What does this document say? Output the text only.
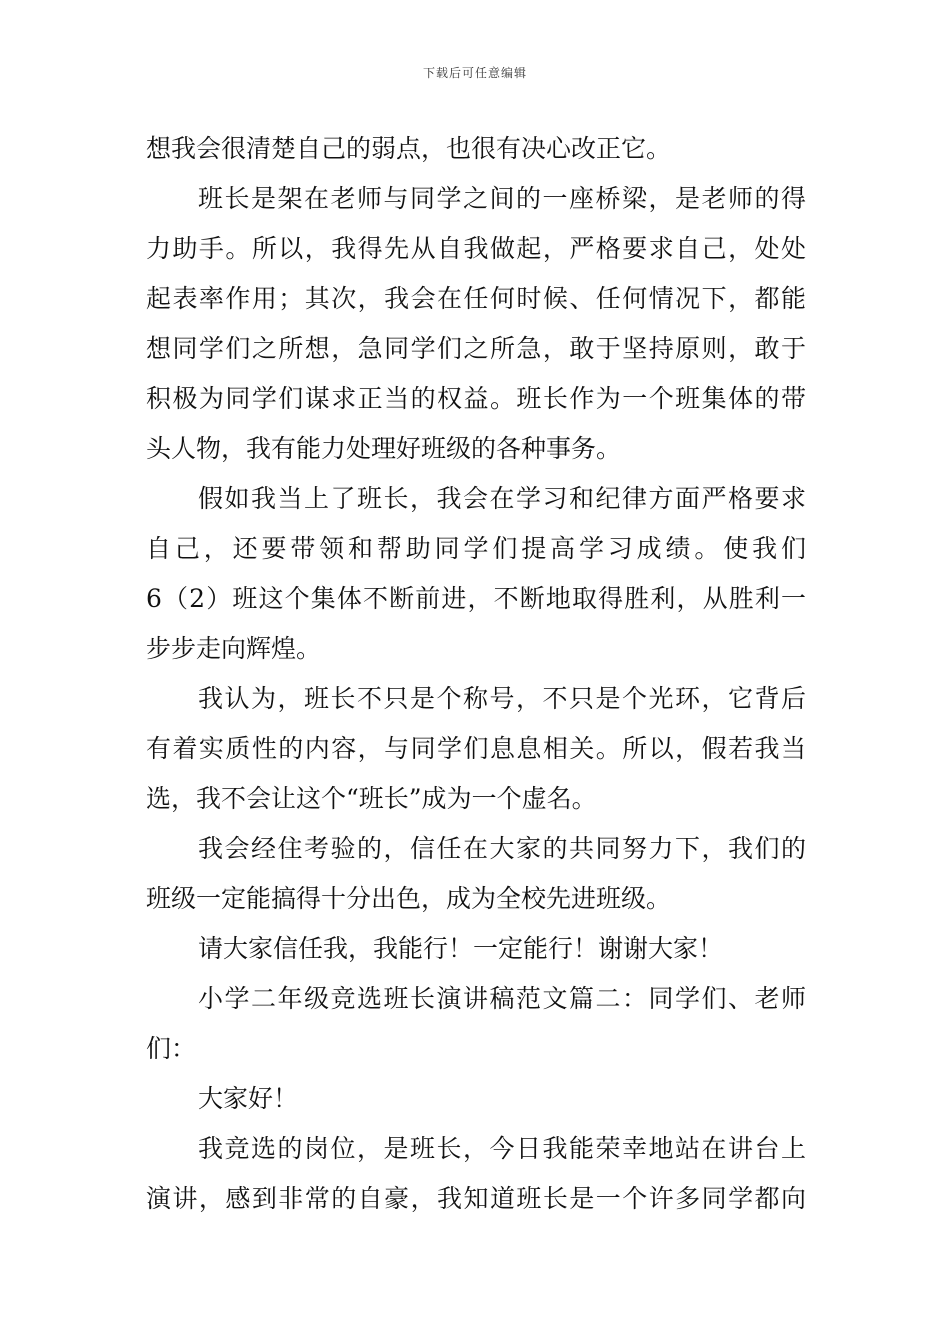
下载后可任意编辑
想我会很清楚自己的弱点，也很有决心改正它。
班长是架在老师与同学之间的一座桥梁，是老师的得
力助手。所以，我得先从自我做起，严格要求自己，处处
起表率作用；其次，我会在任何时候、任何情况下，都能
想同学们之所想，急同学们之所急，敢于坚持原则，敢于
积极为同学们谋求正当的权益。班长作为一个班集体的带
头人物，我有能力处理好班级的各种事务。
假如我当上了班长，我会在学习和纪律方面严格要求
自己，还要带领和帮助同学们提高学习成绩。使我们
6（2）班这个集体不断前进，不断地取得胜利，从胜利一
步步走向辉煌。
我认为，班长不只是个称号，不只是个光环，它背后
有着实质性的内容，与同学们息息相关。所以，假若我当
选，我不会让这个“班长”成为一个虚名。
我会经住考验的，信任在大家的共同努力下，我们的
班级一定能搞得十分出色，成为全校先进班级。
请大家信任我，我能行！一定能行！谢谢大家！
小学二年级竞选班长演讲稿范文篇二：同学们、老师
们：
大家好！
我竞选的岗位，是班长，今日我能荣幸地站在讲台上
演讲，感到非常的自豪，我知道班长是一个许多同学都向
